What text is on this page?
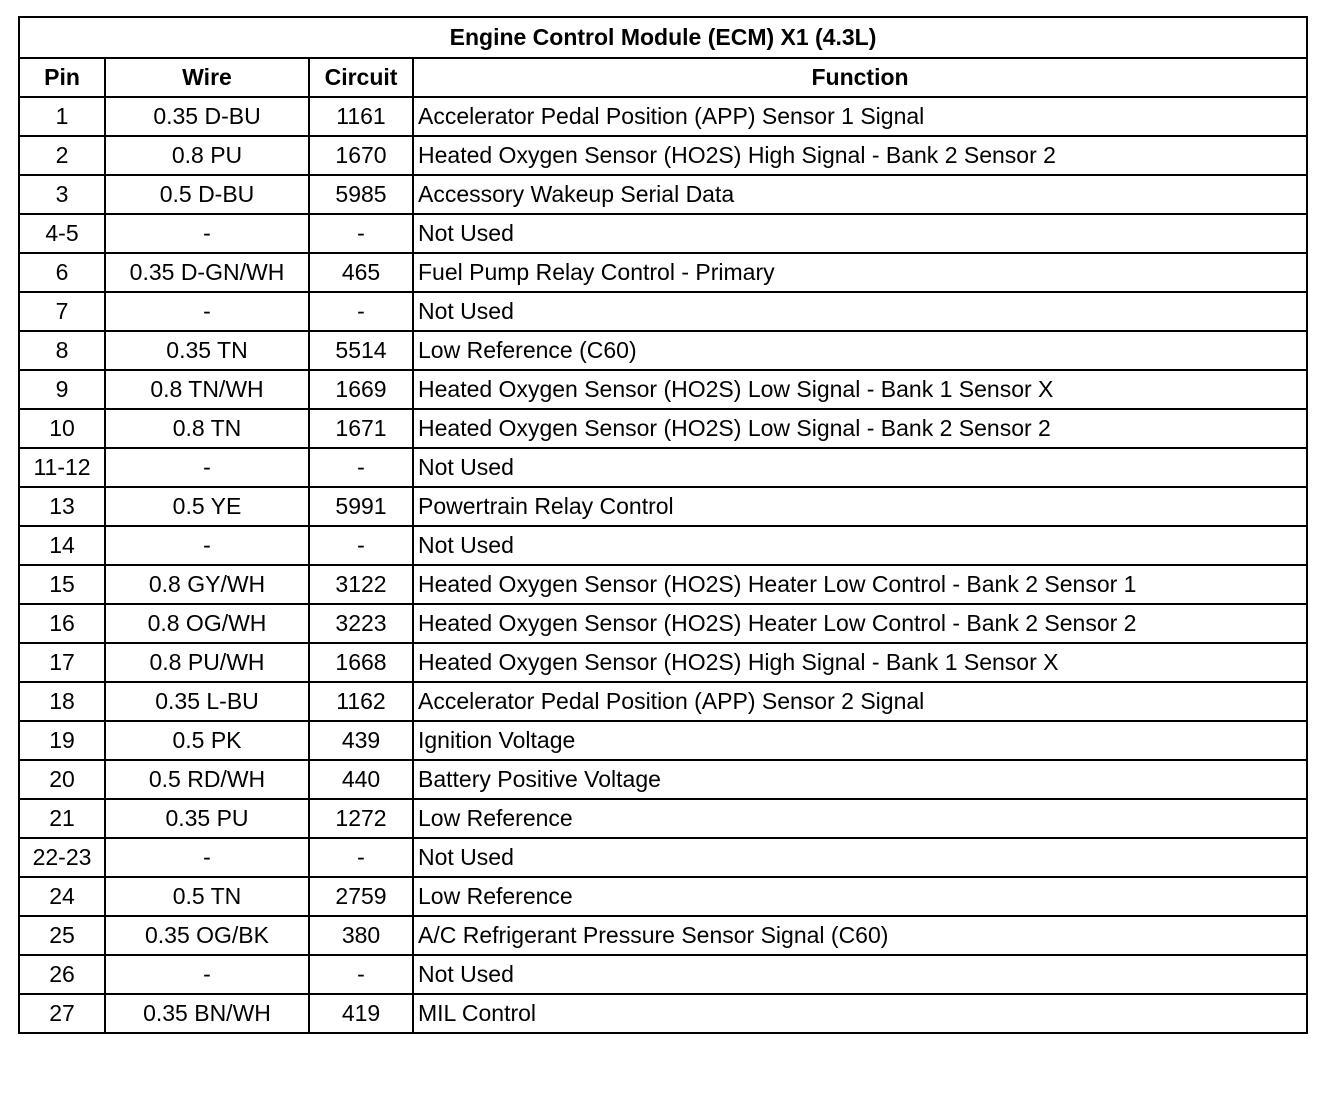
Engine Control Module (ECM) X1 (4.3L)			
Pin	Wire	Circuit	Function
1	0.35 D-BU	1161	Accelerator Pedal Position (APP) Sensor 1 Signal
2	0.8 PU	1670	Heated Oxygen Sensor (HO2S) High Signal - Bank 2 Sensor 2
3	0.5 D-BU	5985	Accessory Wakeup Serial Data
4-5	-	-	Not Used
6	0.35 D-GN/WH	465	Fuel Pump Relay Control - Primary
7	-	-	Not Used
8	0.35 TN	5514	Low Reference (C60)
9	0.8 TN/WH	1669	Heated Oxygen Sensor (HO2S) Low Signal - Bank 1 Sensor X
10	0.8 TN	1671	Heated Oxygen Sensor (HO2S) Low Signal - Bank 2 Sensor 2
11-12	-	-	Not Used
13	0.5 YE	5991	Powertrain Relay Control
14	-	-	Not Used
15	0.8 GY/WH	3122	Heated Oxygen Sensor (HO2S) Heater Low Control - Bank 2 Sensor 1
16	0.8 OG/WH	3223	Heated Oxygen Sensor (HO2S) Heater Low Control - Bank 2 Sensor 2
17	0.8 PU/WH	1668	Heated Oxygen Sensor (HO2S) High Signal - Bank 1 Sensor X
18	0.35 L-BU	1162	Accelerator Pedal Position (APP) Sensor 2 Signal
19	0.5 PK	439	Ignition Voltage
20	0.5 RD/WH	440	Battery Positive Voltage
21	0.35 PU	1272	Low Reference
22-23	-	-	Not Used
24	0.5 TN	2759	Low Reference
25	0.35 OG/BK	380	A/C Refrigerant Pressure Sensor Signal (C60)
26	-	-	Not Used
27	0.35 BN/WH	419	MIL Control
